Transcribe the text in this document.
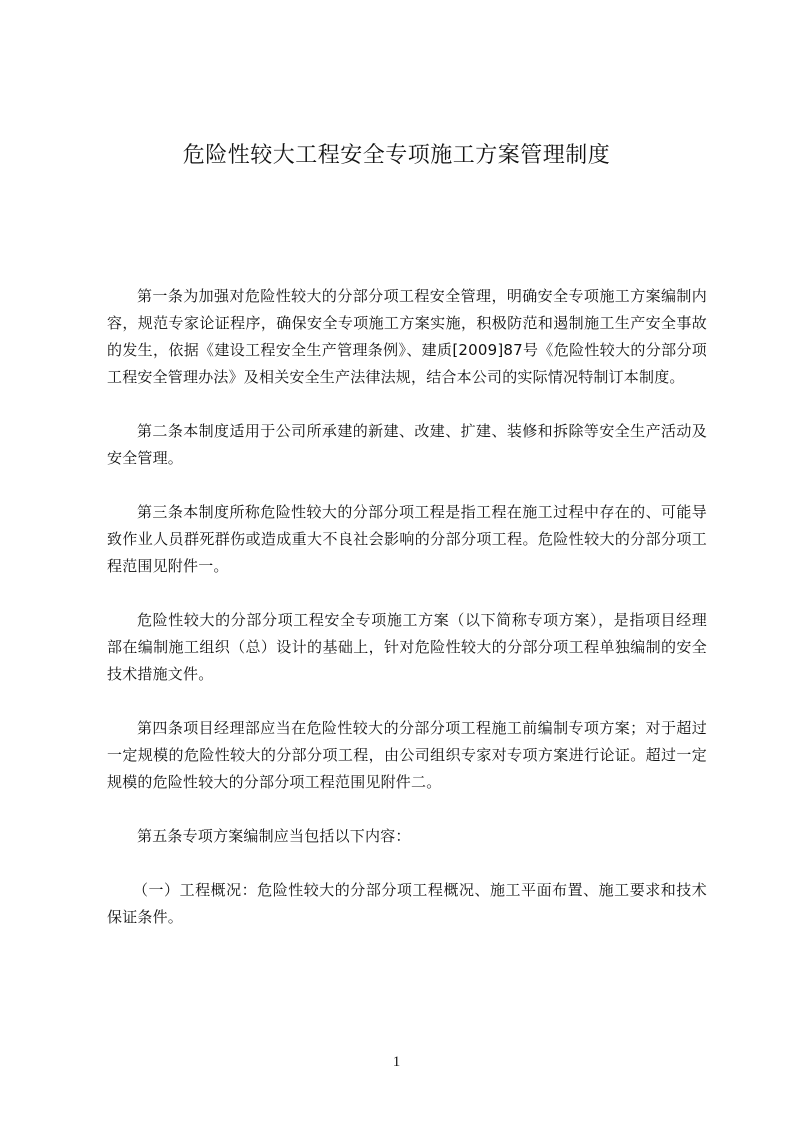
危险性较大工程安全专项施工方案管理制度

第一条为加强对危险性较大的分部分项工程安全管理，明确安全专项施工方案编制内容，规范专家论证程序，确保安全专项施工方案实施，积极防范和遏制施工生产安全事故的发生，依据《建设工程安全生产管理条例》、建质[2009]87号《危险性较大的分部分项工程安全管理办法》及相关安全生产法律法规，结合本公司的实际情况特制订本制度。

第二条本制度适用于公司所承建的新建、改建、扩建、装修和拆除等安全生产活动及安全管理。

第三条本制度所称危险性较大的分部分项工程是指工程在施工过程中存在的、可能导致作业人员群死群伤或造成重大不良社会影响的分部分项工程。危险性较大的分部分项工程范围见附件一。

危险性较大的分部分项工程安全专项施工方案（以下简称专项方案），是指项目经理部在编制施工组织（总）设计的基础上，针对危险性较大的分部分项工程单独编制的安全技术措施文件。

第四条项目经理部应当在危险性较大的分部分项工程施工前编制专项方案；对于超过一定规模的危险性较大的分部分项工程，由公司组织专家对专项方案进行论证。超过一定规模的危险性较大的分部分项工程范围见附件二。

第五条专项方案编制应当包括以下内容：

（一）工程概况：危险性较大的分部分项工程概况、施工平面布置、施工要求和技术保证条件。

1
